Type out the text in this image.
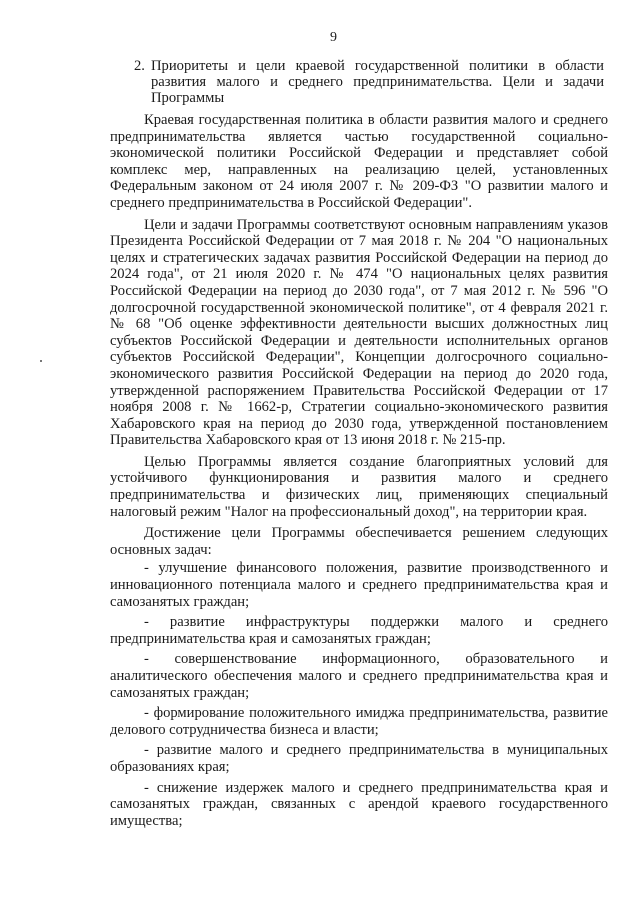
9
2. Приоритеты и цели краевой государственной политики в области развития малого и среднего предпринимательства. Цели и задачи Программы

Краевая государственная политика в области развития малого и среднего предпринимательства является частью государственной социально-экономической политики Российской Федерации и представляет собой комплекс мер, направленных на реализацию целей, установленных Федеральным законом от 24 июля 2007 г. № 209-ФЗ "О развитии малого и среднего предпринимательства в Российской Федерации".

Цели и задачи Программы соответствуют основным направлениям указов Президента Российской Федерации от 7 мая 2018 г. № 204 "О национальных целях и стратегических задачах развития Российской Федерации на период до 2024 года", от 21 июля 2020 г. № 474 "О национальных целях развития Российской Федерации на период до 2030 года", от 7 мая 2012 г. № 596 "О долгосрочной государственной экономической политике", от 4 февраля 2021 г. № 68 "Об оценке эффективности деятельности высших должностных лиц субъектов Российской Федерации и деятельности исполнительных органов субъектов Российской Федерации", Концепции долгосрочного социально-экономического развития Российской Федерации на период до 2020 года, утвержденной распоряжением Правительства Российской Федерации от 17 ноября 2008 г. № 1662-р, Стратегии социально-экономического развития Хабаровского края на период до 2030 года, утвержденной постановлением Правительства Хабаровского края от 13 июня 2018 г. № 215-пр.

Целью Программы является создание благоприятных условий для устойчивого функционирования и развития малого и среднего предпринимательства и физических лиц, применяющих специальный налоговый режим "Налог на профессиональный доход", на территории края.

Достижение цели Программы обеспечивается решением следующих основных задач:

- улучшение финансового положения, развитие производственного и инновационного потенциала малого и среднего предпринимательства края и самозанятых граждан;
- развитие инфраструктуры поддержки малого и среднего предпринимательства края и самозанятых граждан;
- совершенствование информационного, образовательного и аналитического обеспечения малого и среднего предпринимательства края и самозанятых граждан;
- формирование положительного имиджа предпринимательства, развитие делового сотрудничества бизнеса и власти;
- развитие малого и среднего предпринимательства в муниципальных образованиях края;
- снижение издержек малого и среднего предпринимательства края и самозанятых граждан, связанных с арендой краевого государственного имущества;
